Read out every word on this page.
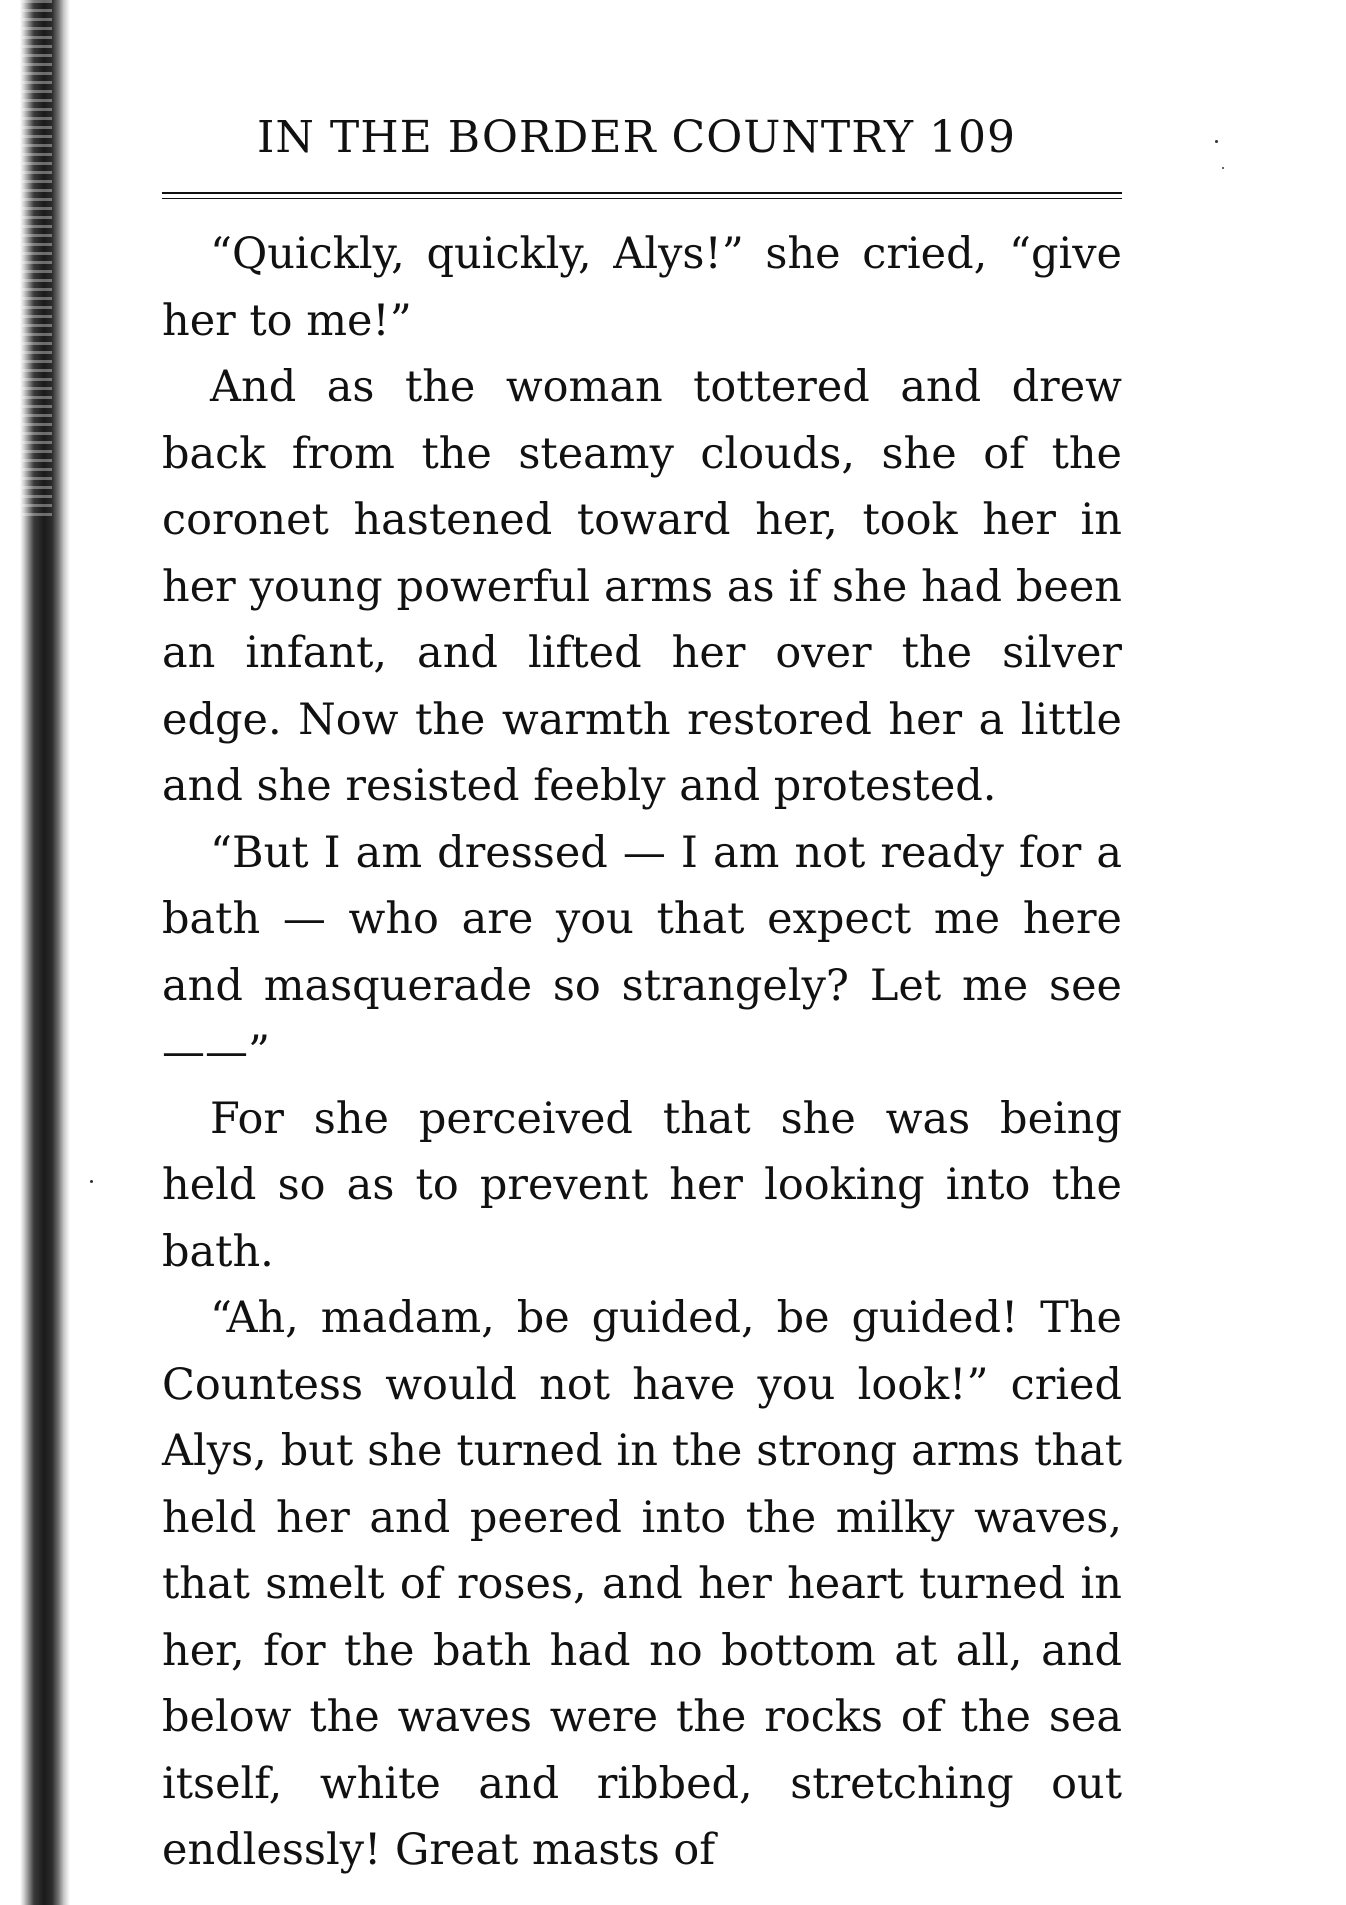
IN THE BORDER COUNTRY 109

“Quickly, quickly, Alys!” she cried, “give her to me!”

And as the woman tottered and drew back from the steamy clouds, she of the coronet hastened toward her, took her in her young powerful arms as if she had been an infant, and lifted her over the silver edge. Now the warmth restored her a little and she resisted feebly and protested.

“But I am dressed — I am not ready for a bath — who are you that expect me here and masquerade so strangely? Let me see ——”

For she perceived that she was being held so as to prevent her looking into the bath.

“Ah, madam, be guided, be guided! The Countess would not have you look!” cried Alys, but she turned in the strong arms that held her and peered into the milky waves, that smelt of roses, and her heart turned in her, for the bath had no bottom at all, and below the waves were the rocks of the sea itself, white and ribbed, stretching out endlessly! Great masts of
